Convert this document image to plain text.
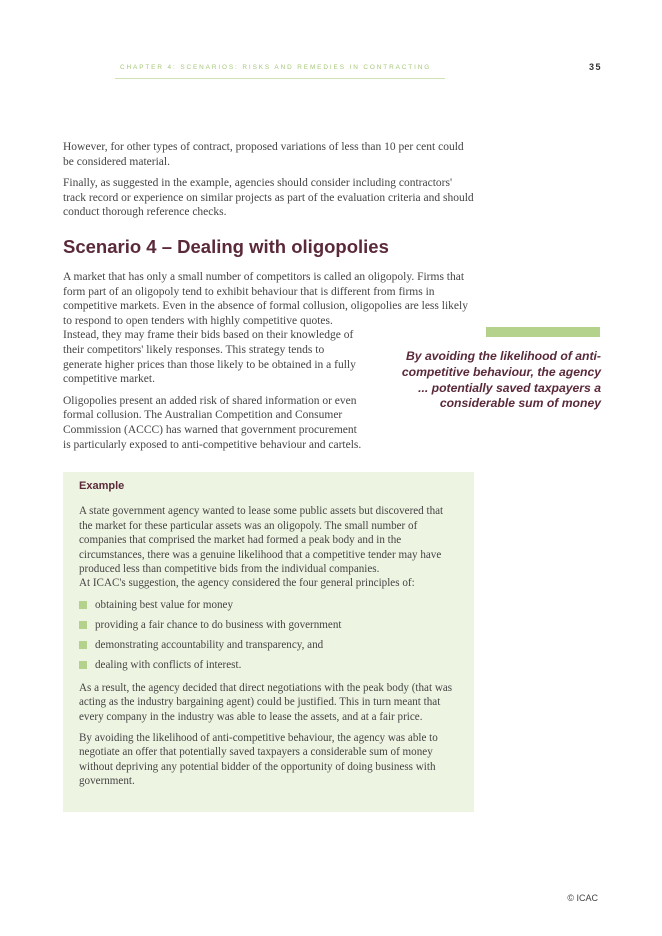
CHAPTER 4: SCENARIOS: RISKS AND REMEDIES IN CONTRACTING	35

However, for other types of contract, proposed variations of less than 10 per cent could be considered material.

Finally, as suggested in the example, agencies should consider including contractors' track record or experience on similar projects as part of the evaluation criteria and should conduct thorough reference checks.

Scenario 4 – Dealing with oligopolies

A market that has only a small number of competitors is called an oligopoly. Firms that form part of an oligopoly tend to exhibit behaviour that is different from firms in competitive markets. Even in the absence of formal collusion, oligopolies are less likely to respond to open tenders with highly competitive quotes.

Instead, they may frame their bids based on their knowledge of their competitors' likely responses. This strategy tends to generate higher prices than those likely to be obtained in a fully competitive market.

Oligopolies present an added risk of shared information or even formal collusion. The Australian Competition and Consumer Commission (ACCC) has warned that government procurement is particularly exposed to anti-competitive behaviour and cartels.

By avoiding the likelihood of anti-competitive behaviour, the agency ... potentially saved taxpayers a considerable sum of money
Example

A state government agency wanted to lease some public assets but discovered that the market for these particular assets was an oligopoly. The small number of companies that comprised the market had formed a peak body and in the circumstances, there was a genuine likelihood that a competitive tender may have produced less than competitive bids from the individual companies.

At ICAC's suggestion, the agency considered the four general principles of:

obtaining best value for money
providing a fair chance to do business with government
demonstrating accountability and transparency, and
dealing with conflicts of interest.

As a result, the agency decided that direct negotiations with the peak body (that was acting as the industry bargaining agent) could be justified. This in turn meant that every company in the industry was able to lease the assets, and at a fair price.

By avoiding the likelihood of anti-competitive behaviour, the agency was able to negotiate an offer that potentially saved taxpayers a considerable sum of money without depriving any potential bidder of the opportunity of doing business with government.

© ICAC
